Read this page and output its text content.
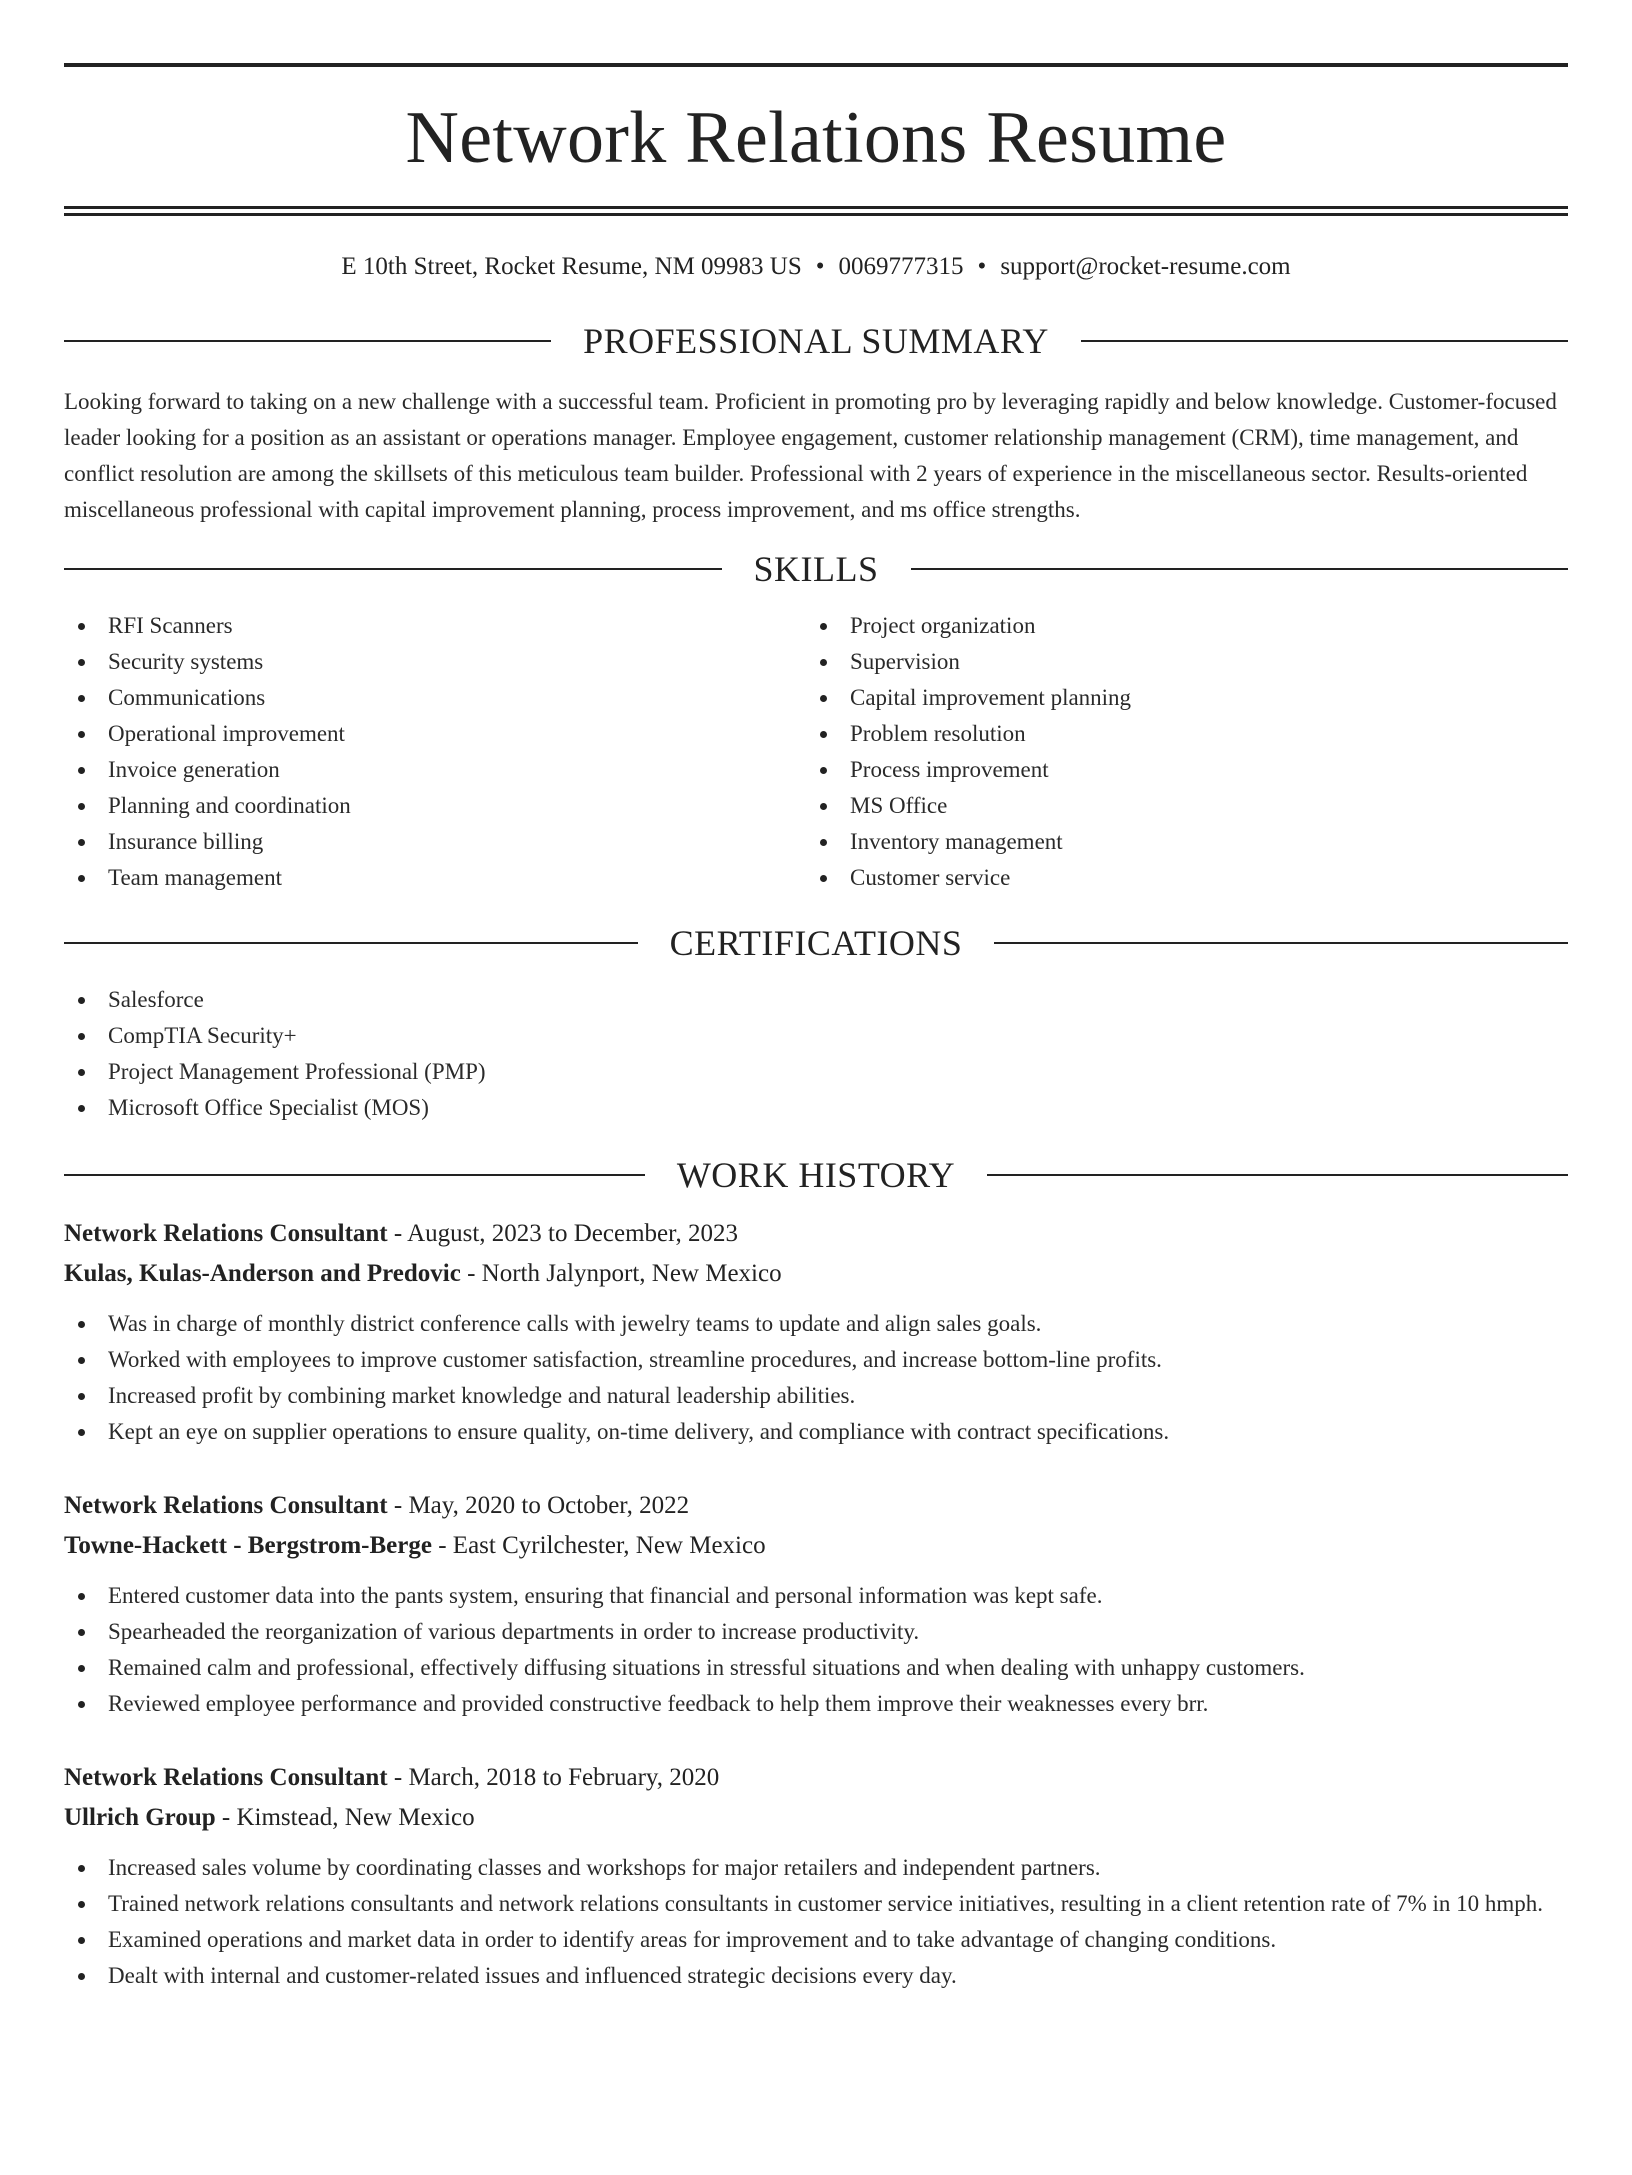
Network Relations Resume
E 10th Street, Rocket Resume, NM 09983 US • 0069777315 • support@rocket-resume.com
PROFESSIONAL SUMMARY

Looking forward to taking on a new challenge with a successful team. Proficient in promoting pro by leveraging rapidly and below knowledge. Customer-focused leader looking for a position as an assistant or operations manager. Employee engagement, customer relationship management (CRM), time management, and conflict resolution are among the skillsets of this meticulous team builder. Professional with 2 years of experience in the miscellaneous sector. Results-oriented miscellaneous professional with capital improvement planning, process improvement, and ms office strengths.

SKILLS
RFI Scanners
Security systems
Communications
Operational improvement
Invoice generation
Planning and coordination
Insurance billing
Team management
Project organization
Supervision
Capital improvement planning
Problem resolution
Process improvement
MS Office
Inventory management
Customer service
CERTIFICATIONS
Salesforce
CompTIA Security+
Project Management Professional (PMP)
Microsoft Office Specialist (MOS)
WORK HISTORY
Network Relations Consultant - August, 2023 to December, 2023
Kulas, Kulas-Anderson and Predovic - North Jalynport, New Mexico
Was in charge of monthly district conference calls with jewelry teams to update and align sales goals.
Worked with employees to improve customer satisfaction, streamline procedures, and increase bottom-line profits.
Increased profit by combining market knowledge and natural leadership abilities.
Kept an eye on supplier operations to ensure quality, on-time delivery, and compliance with contract specifications.
Network Relations Consultant - May, 2020 to October, 2022
Towne-Hackett - Bergstrom-Berge - East Cyrilchester, New Mexico
Entered customer data into the pants system, ensuring that financial and personal information was kept safe.
Spearheaded the reorganization of various departments in order to increase productivity.
Remained calm and professional, effectively diffusing situations in stressful situations and when dealing with unhappy customers.
Reviewed employee performance and provided constructive feedback to help them improve their weaknesses every brr.
Network Relations Consultant - March, 2018 to February, 2020
Ullrich Group - Kimstead, New Mexico
Increased sales volume by coordinating classes and workshops for major retailers and independent partners.
Trained network relations consultants and network relations consultants in customer service initiatives, resulting in a client retention rate of 7% in 10 hmph.
Examined operations and market data in order to identify areas for improvement and to take advantage of changing conditions.
Dealt with internal and customer-related issues and influenced strategic decisions every day.
